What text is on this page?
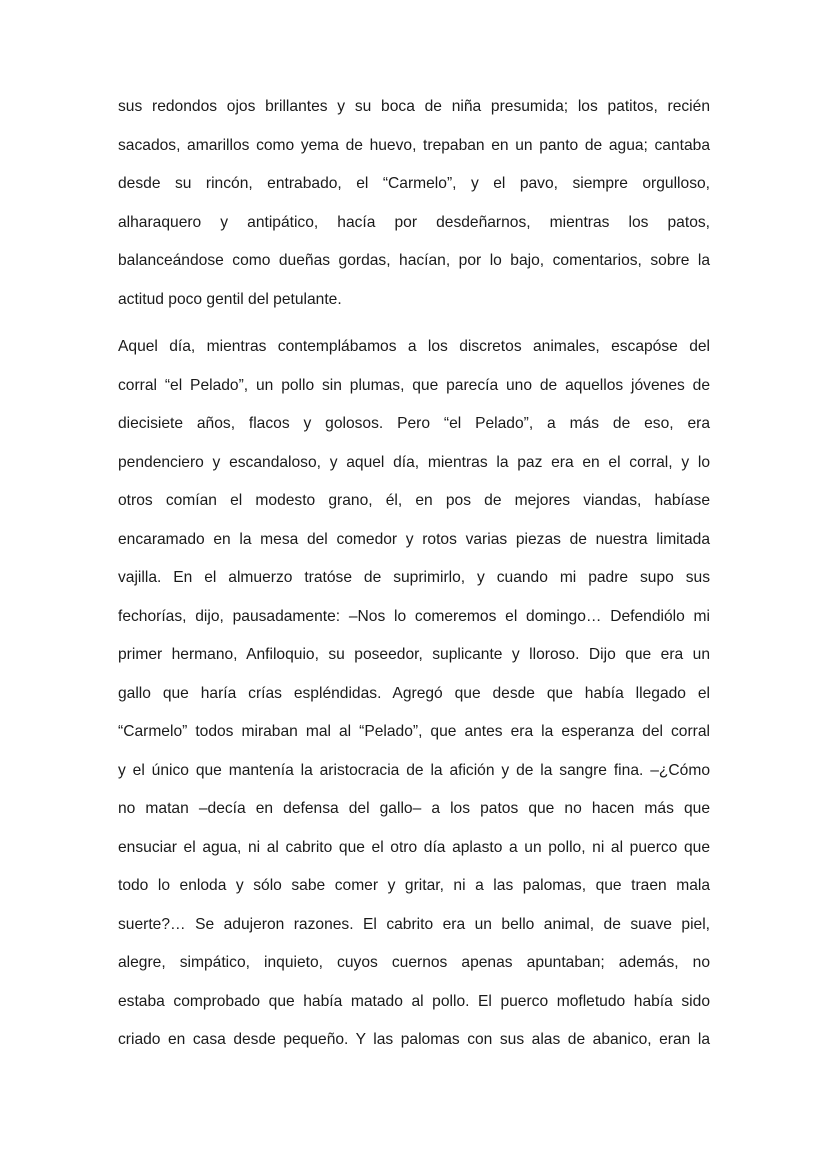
sus redondos ojos brillantes y su boca de niña presumida; los patitos, recién
sacados, amarillos como yema de huevo, trepaban en un panto de agua; cantaba
desde su rincón, entrabado, el “Carmelo”, y el pavo, siempre orgulloso,
alharaquero y antipático, hacía por desdeñarnos, mientras los patos,
balanceándose como dueñas gordas, hacían, por lo bajo, comentarios, sobre la
actitud poco gentil del petulante.
Aquel día, mientras contemplábamos a los discretos animales, escapóse del
corral “el Pelado”, un pollo sin plumas, que parecía uno de aquellos jóvenes de
diecisiete años, flacos y golosos. Pero “el Pelado”, a más de eso, era
pendenciero y escandaloso, y aquel día, mientras la paz era en el corral, y lo
otros comían el modesto grano, él, en pos de mejores viandas, habíase
encaramado en la mesa del comedor y rotos varias piezas de nuestra limitada
vajilla. En el almuerzo tratóse de suprimirlo, y cuando mi padre supo sus
fechorías, dijo, pausadamente: –Nos lo comeremos el domingo… Defendiólo mi
primer hermano, Anfiloquio, su poseedor, suplicante y lloroso. Dijo que era un
gallo que haría crías espléndidas. Agregó que desde que había llegado el
“Carmelo” todos miraban mal al “Pelado”, que antes era la esperanza del corral
y el único que mantenía la aristocracia de la afición y de la sangre fina. –¿Cómo
no matan –decía en defensa del gallo– a los patos que no hacen más que
ensuciar el agua, ni al cabrito que el otro día aplasto a un pollo, ni al puerco que
todo lo enloda y sólo sabe comer y gritar, ni a las palomas, que traen mala
suerte?… Se adujeron razones. El cabrito era un bello animal, de suave piel,
alegre, simpático, inquieto, cuyos cuernos apenas apuntaban; además, no
estaba comprobado que había matado al pollo. El puerco mofletudo había sido
criado en casa desde pequeño. Y las palomas con sus alas de abanico, eran la
